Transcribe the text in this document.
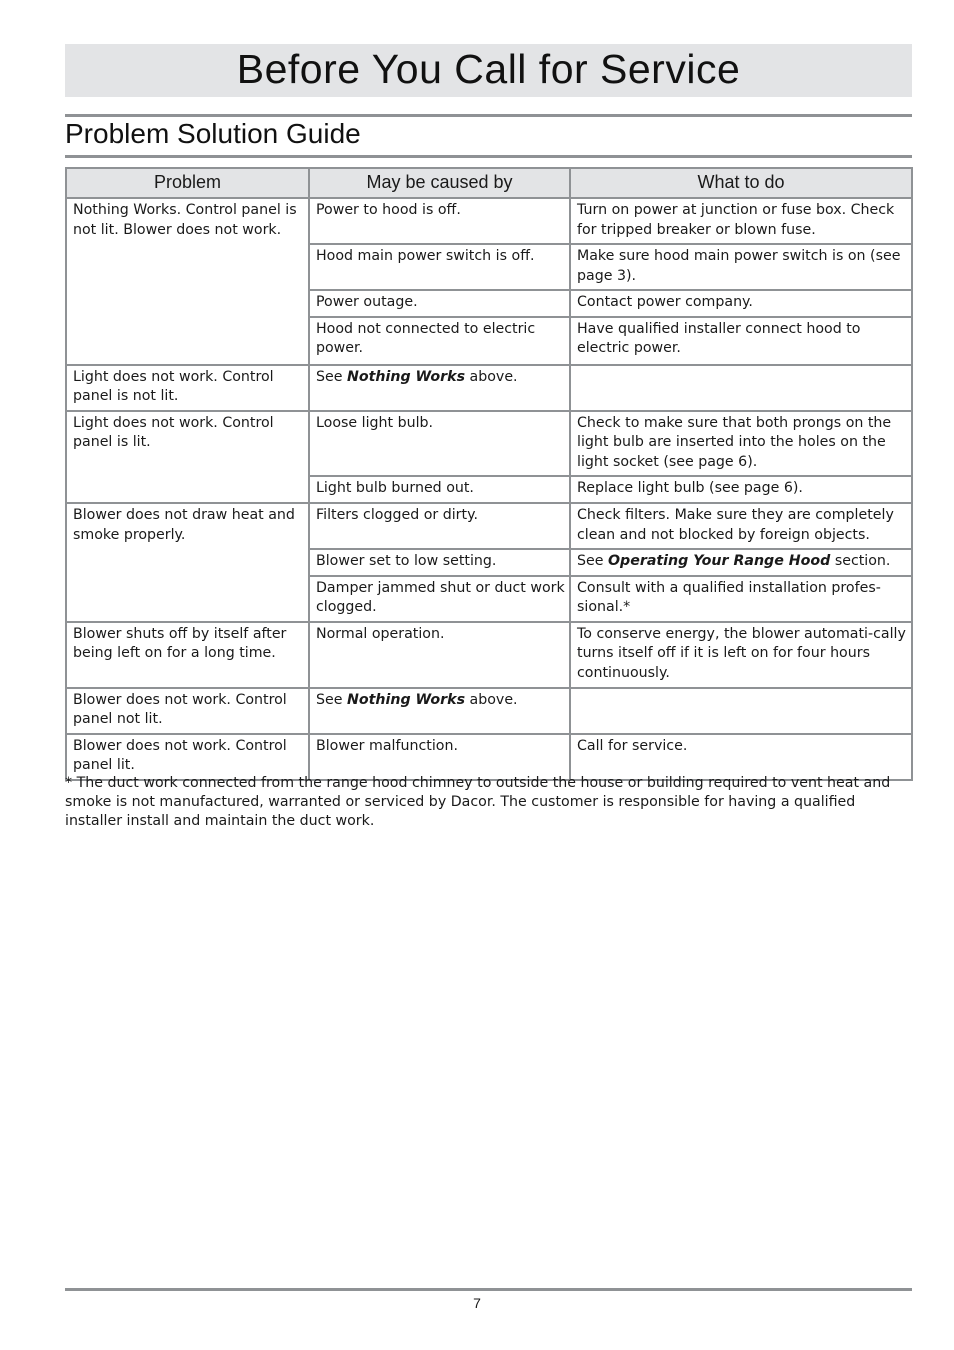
Before You Call for Service
Problem Solution Guide
Problem	May be caused by	What to do
Nothing Works. Control panel is not lit. Blower does not work.	Power to hood is off.	Turn on power at junction or fuse box. Check for tripped breaker or blown fuse.
	Hood main power switch is off.	Make sure hood main power switch is on (see page 3).
	Power outage.	Contact power company.
	Hood not connected to electric power.	Have qualified installer connect hood to electric power.
Light does not work. Control panel is not lit.	See Nothing Works above.	
Light does not work. Control panel is lit.	Loose light bulb.	Check to make sure that both prongs on the light bulb are inserted into the holes on the light socket (see page 6).
	Light bulb burned out.	Replace light bulb (see page 6).
Blower does not draw heat and smoke properly.	Filters clogged or dirty.	Check filters. Make sure they are completely clean and not blocked by foreign objects.
	Blower set to low setting.	See Operating Your Range Hood section.
	Damper jammed shut or duct work clogged.	Consult with a qualified installation profes-sional.*
Blower shuts off by itself after being left on for a long time.	Normal operation.	To conserve energy, the blower automati-cally turns itself off if it is left on for four hours continuously.
Blower does not work. Control panel not lit.	See Nothing Works above.	
Blower does not work. Control panel lit.	Blower malfunction.	Call for service.
* The duct work connected from the range hood chimney to outside the house or building required to vent heat and smoke is not manufactured, warranted or serviced by Dacor. The customer is responsible for having a qualified installer install and maintain the duct work.
7
